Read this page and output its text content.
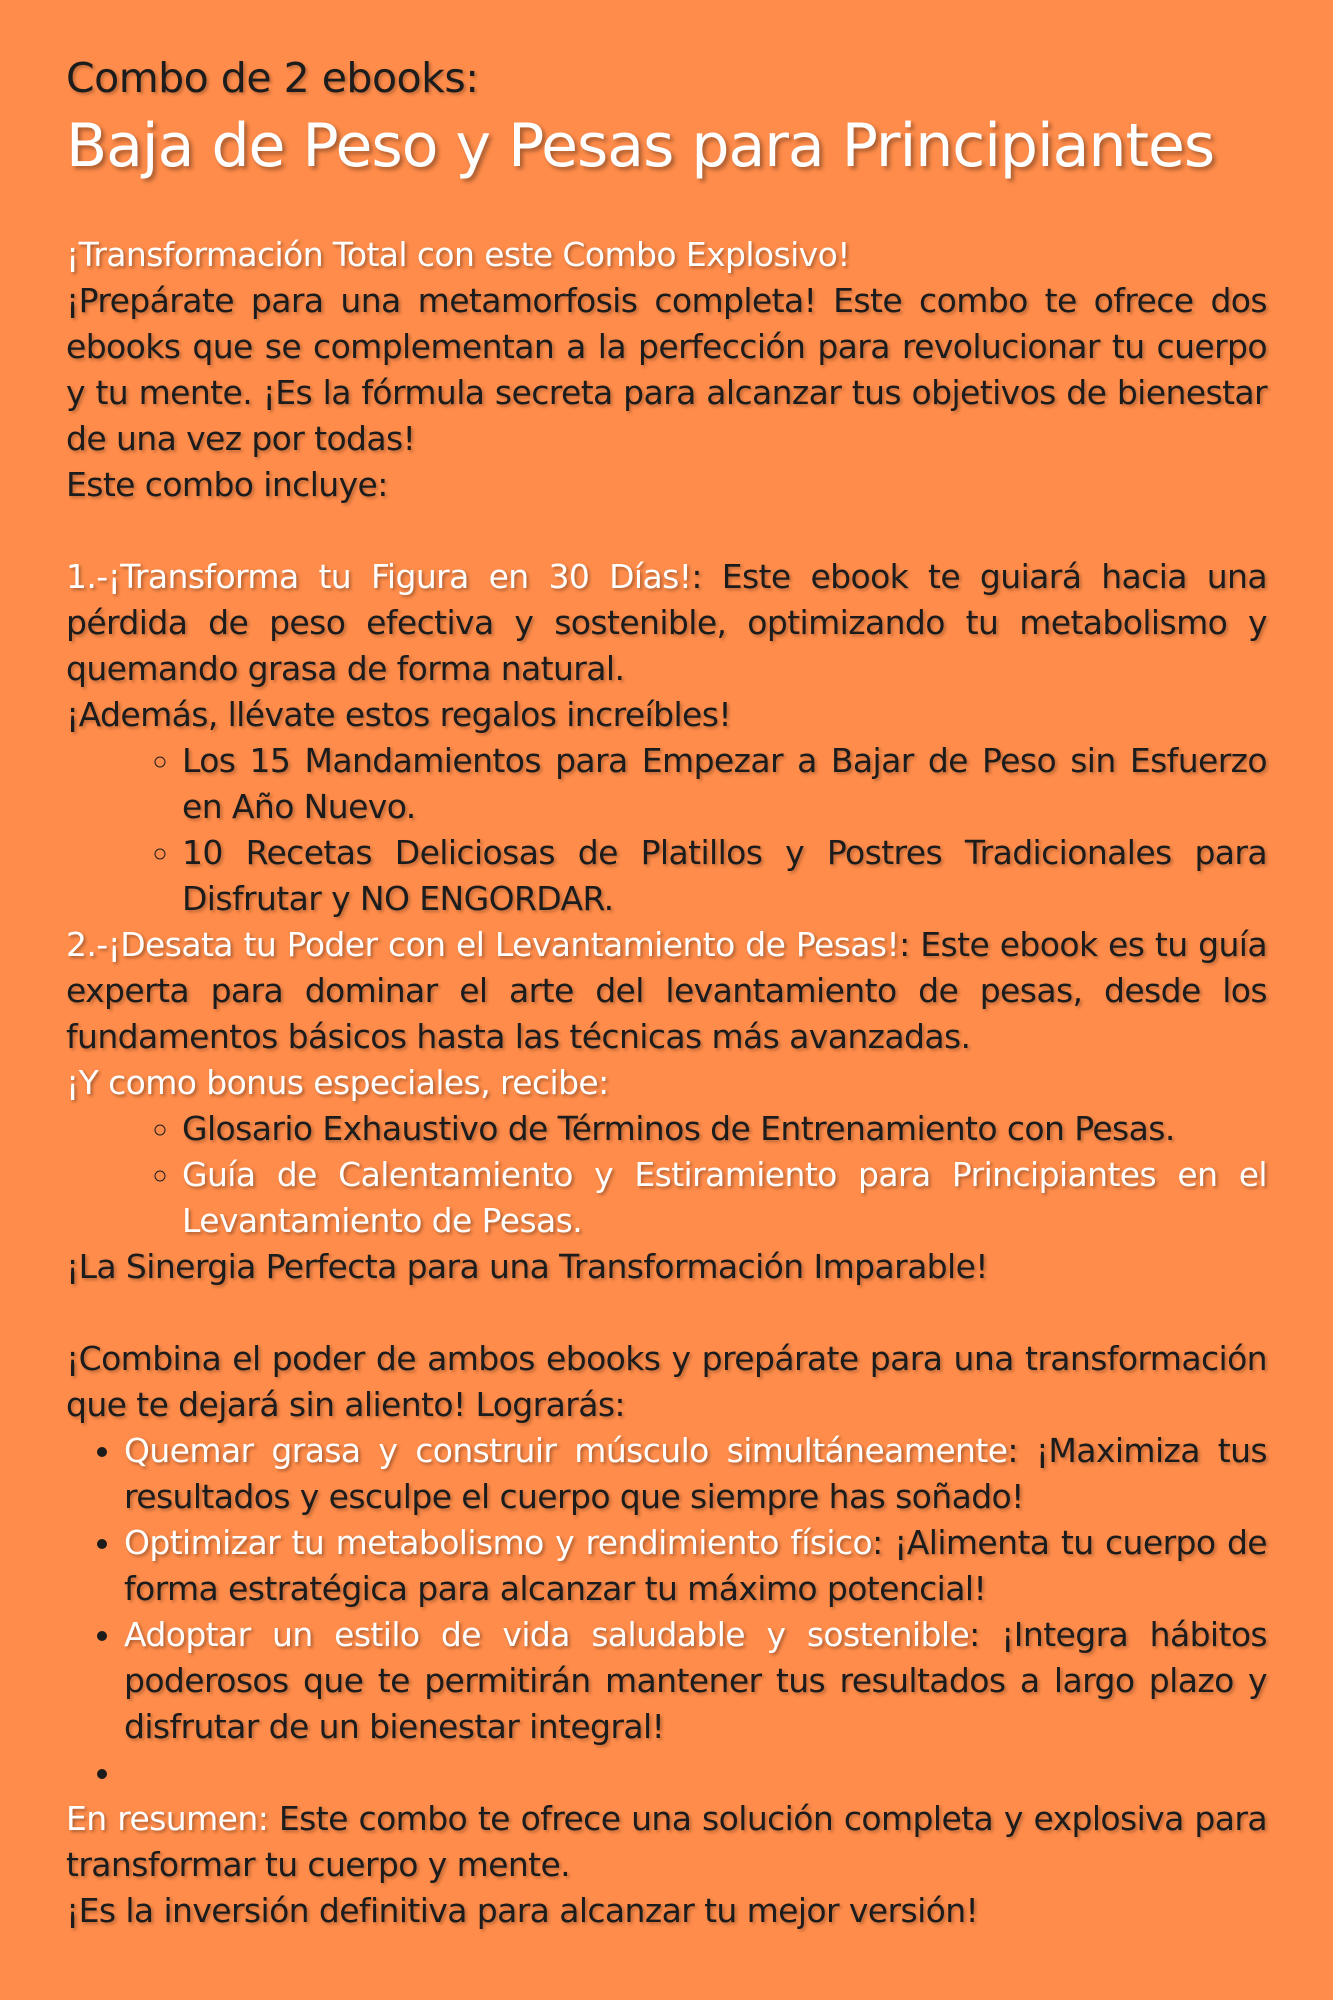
Combo de 2 ebooks:
Baja de Peso y Pesas para Principiantes

¡Transformación Total con este Combo Explosivo!

¡Prepárate para una metamorfosis completa! Este combo te ofrece dos ebooks que se complementan a la perfección para revolucionar tu cuerpo y tu mente. ¡Es la fórmula secreta para alcanzar tus objetivos de bienestar de una vez por todas!

Este combo incluye:

1.-¡Transforma tu Figura en 30 Días!: Este ebook te guiará hacia una pérdida de peso efectiva y sostenible, optimizando tu metabolismo y quemando grasa de forma natural.

¡Además, llévate estos regalos increíbles!

◦ Los 15 Mandamientos para Empezar a Bajar de Peso sin Esfuerzo en Año Nuevo.
◦ 10 Recetas Deliciosas de Platillos y Postres Tradicionales para Disfrutar y NO ENGORDAR.

2.-¡Desata tu Poder con el Levantamiento de Pesas!: Este ebook es tu guía experta para dominar el arte del levantamiento de pesas, desde los fundamentos básicos hasta las técnicas más avanzadas.

¡Y como bonus especiales, recibe:

◦ Glosario Exhaustivo de Términos de Entrenamiento con Pesas.
◦ Guía de Calentamiento y Estiramiento para Principiantes en el Levantamiento de Pesas.

¡La Sinergia Perfecta para una Transformación Imparable!

¡Combina el poder de ambos ebooks y prepárate para una transformación que te dejará sin aliento! Lograrás:

• Quemar grasa y construir músculo simultáneamente: ¡Maximiza tus resultados y esculpe el cuerpo que siempre has soñado!
• Optimizar tu metabolismo y rendimiento físico: ¡Alimenta tu cuerpo de forma estratégica para alcanzar tu máximo potencial!
• Adoptar un estilo de vida saludable y sostenible: ¡Integra hábitos poderosos que te permitirán mantener tus resultados a largo plazo y disfrutar de un bienestar integral!
•

En resumen: Este combo te ofrece una solución completa y explosiva para transformar tu cuerpo y mente.

¡Es la inversión definitiva para alcanzar tu mejor versión!
